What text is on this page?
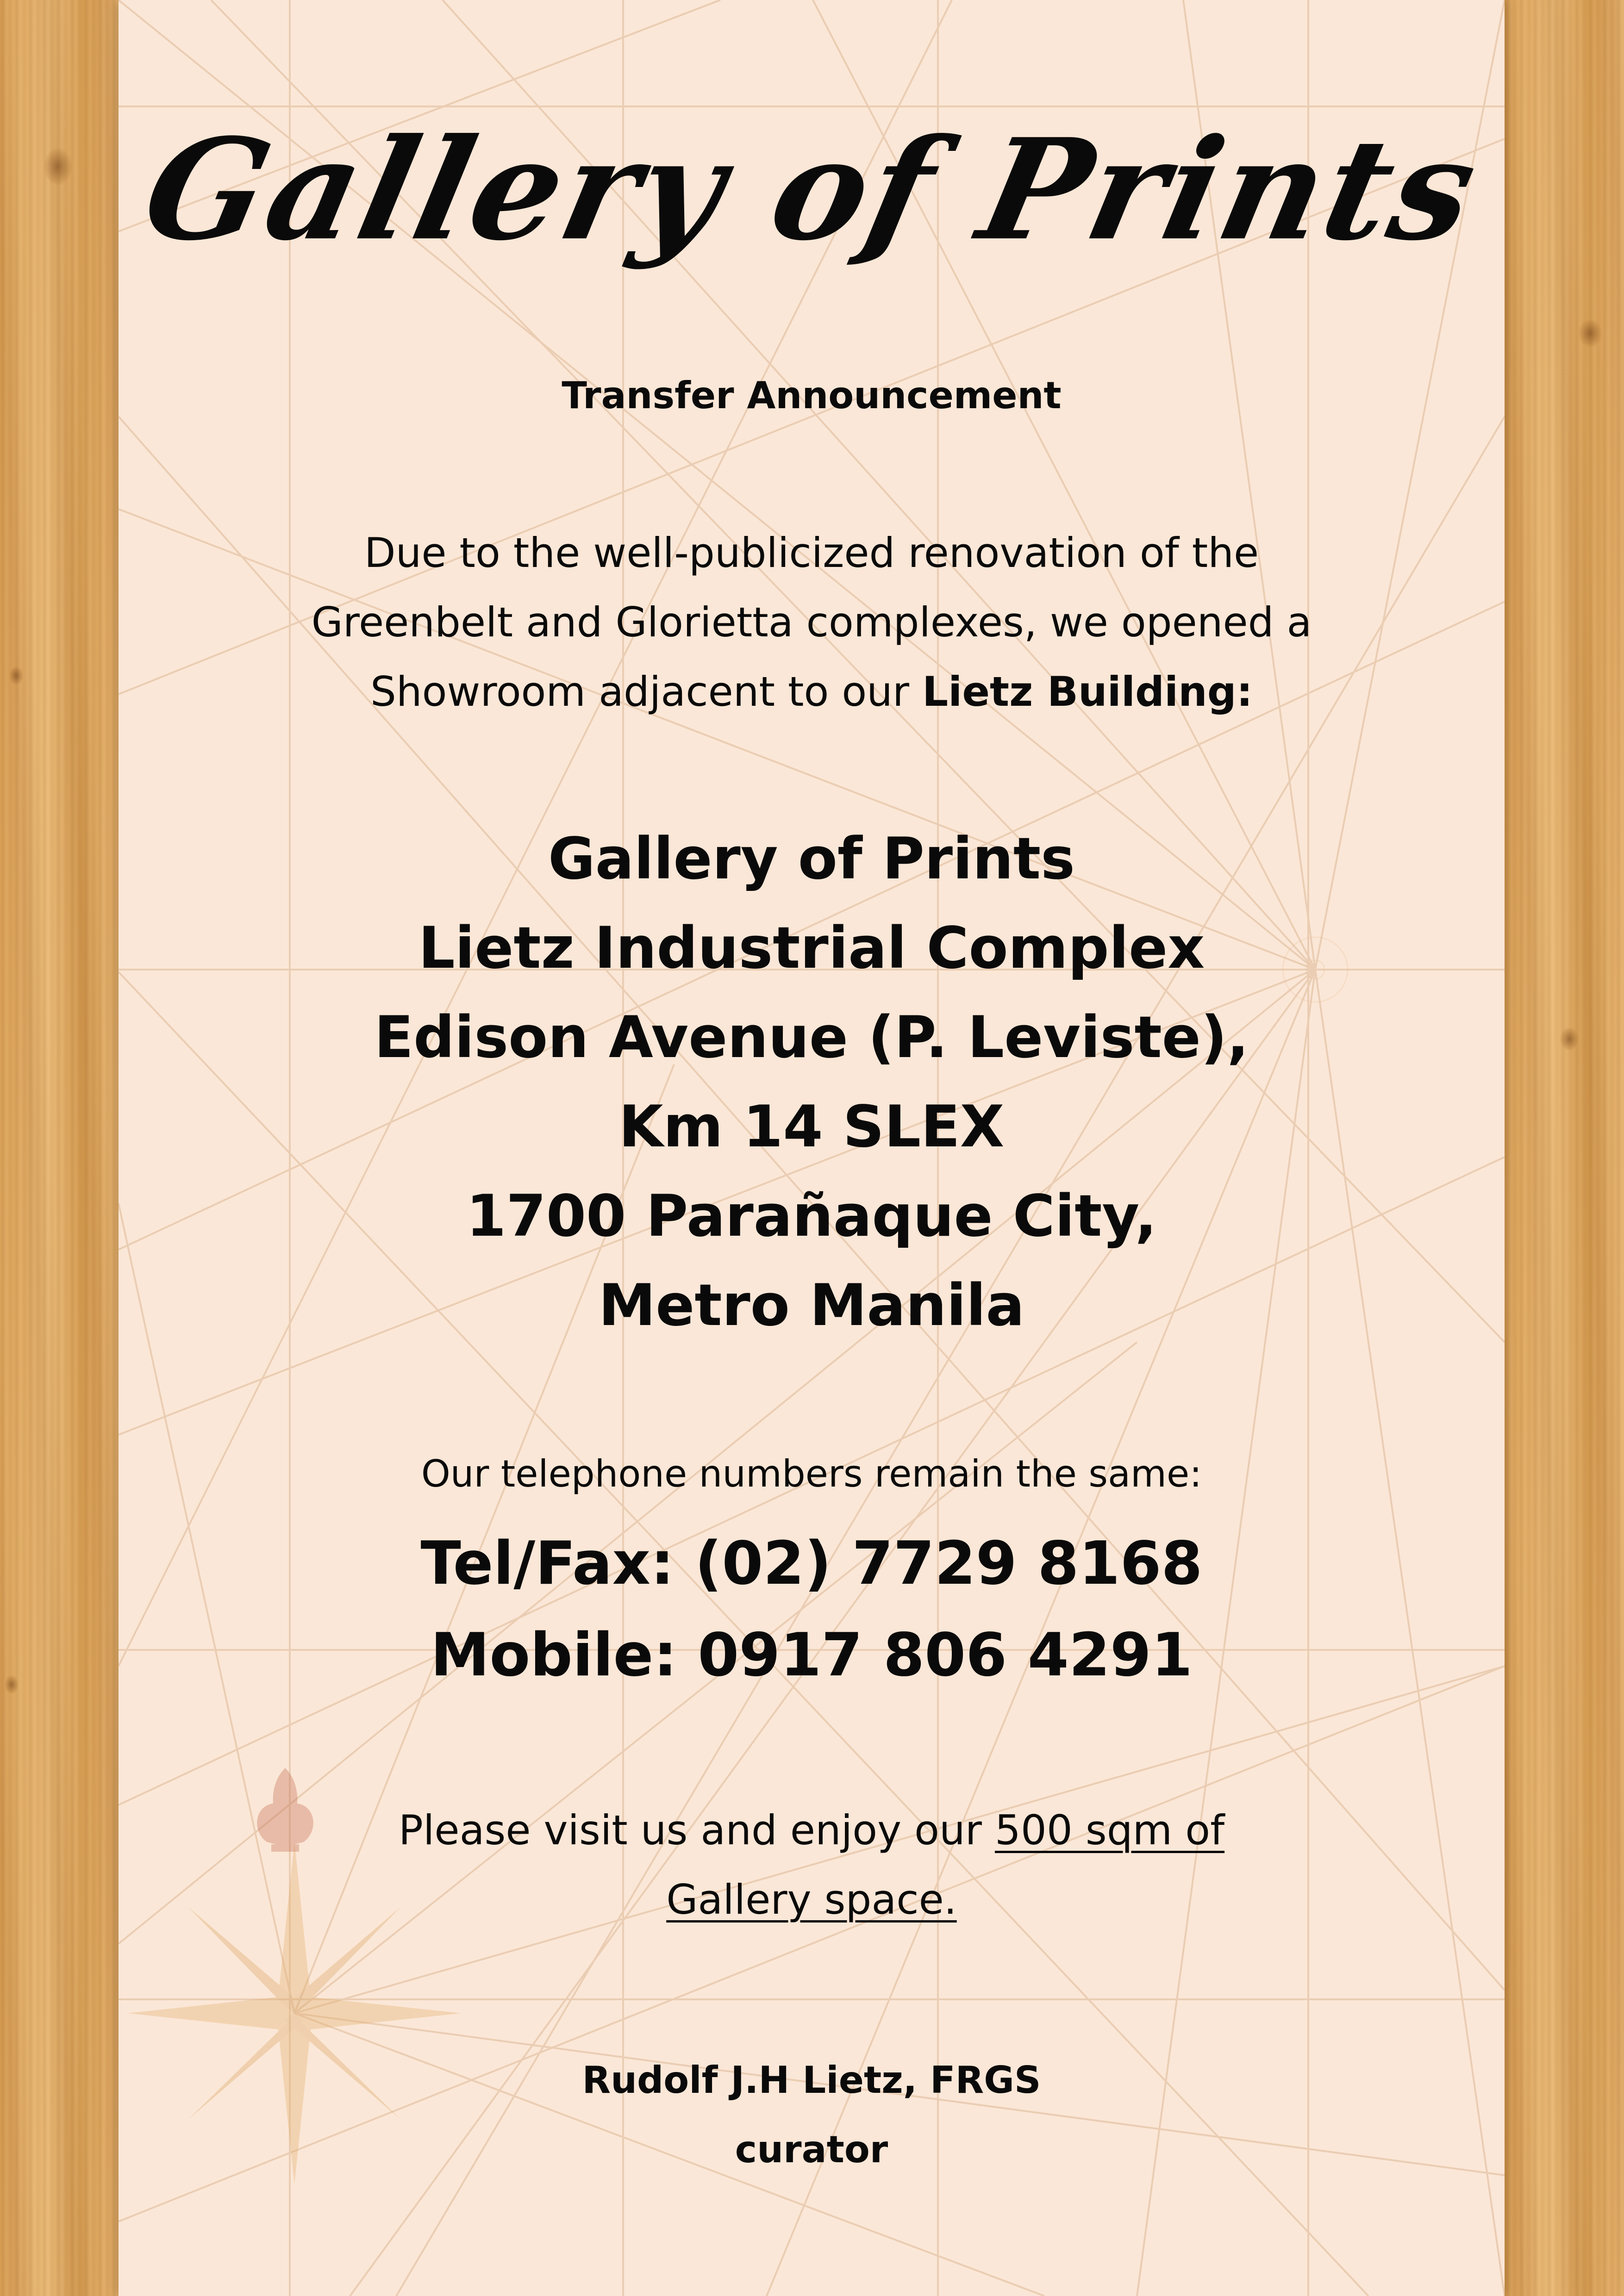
Gallery of Prints
Transfer Announcement
Due to the well-publicized renovation of the
Greenbelt and Glorietta complexes, we opened a
Showroom adjacent to our Lietz Building:
Gallery of Prints
Lietz Industrial Complex
Edison Avenue (P. Leviste),
Km 14 SLEX
1700 Parañaque City,
Metro Manila
Our telephone numbers remain the same:
Tel/Fax: (02) 7729 8168
Mobile: 0917 806 4291
Please visit us and enjoy our 500 sqm of
Gallery space.
Rudolf J.H Lietz, FRGS
curator
